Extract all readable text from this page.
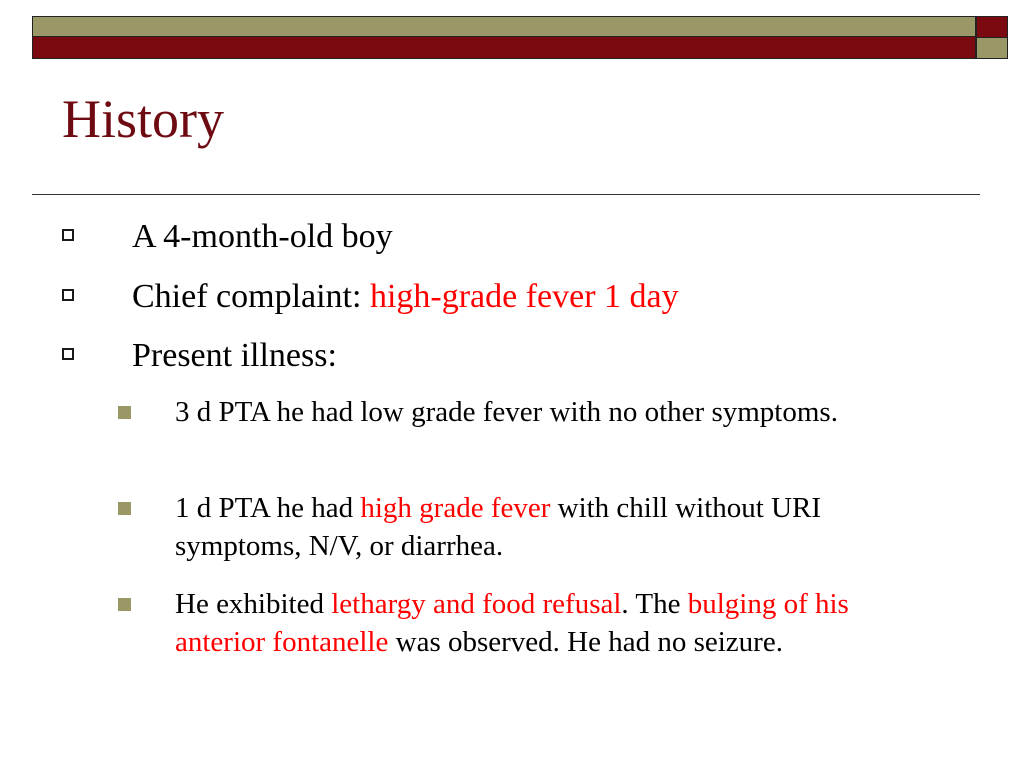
History
A 4-month-old boy
Chief complaint: high-grade fever 1 day
Present illness:
3 d PTA he had low grade fever with no other symptoms.
1 d PTA he had high grade fever with chill without URI symptoms, N/V, or diarrhea.
He exhibited lethargy and food refusal. The bulging of his anterior fontanelle was observed. He had no seizure.
